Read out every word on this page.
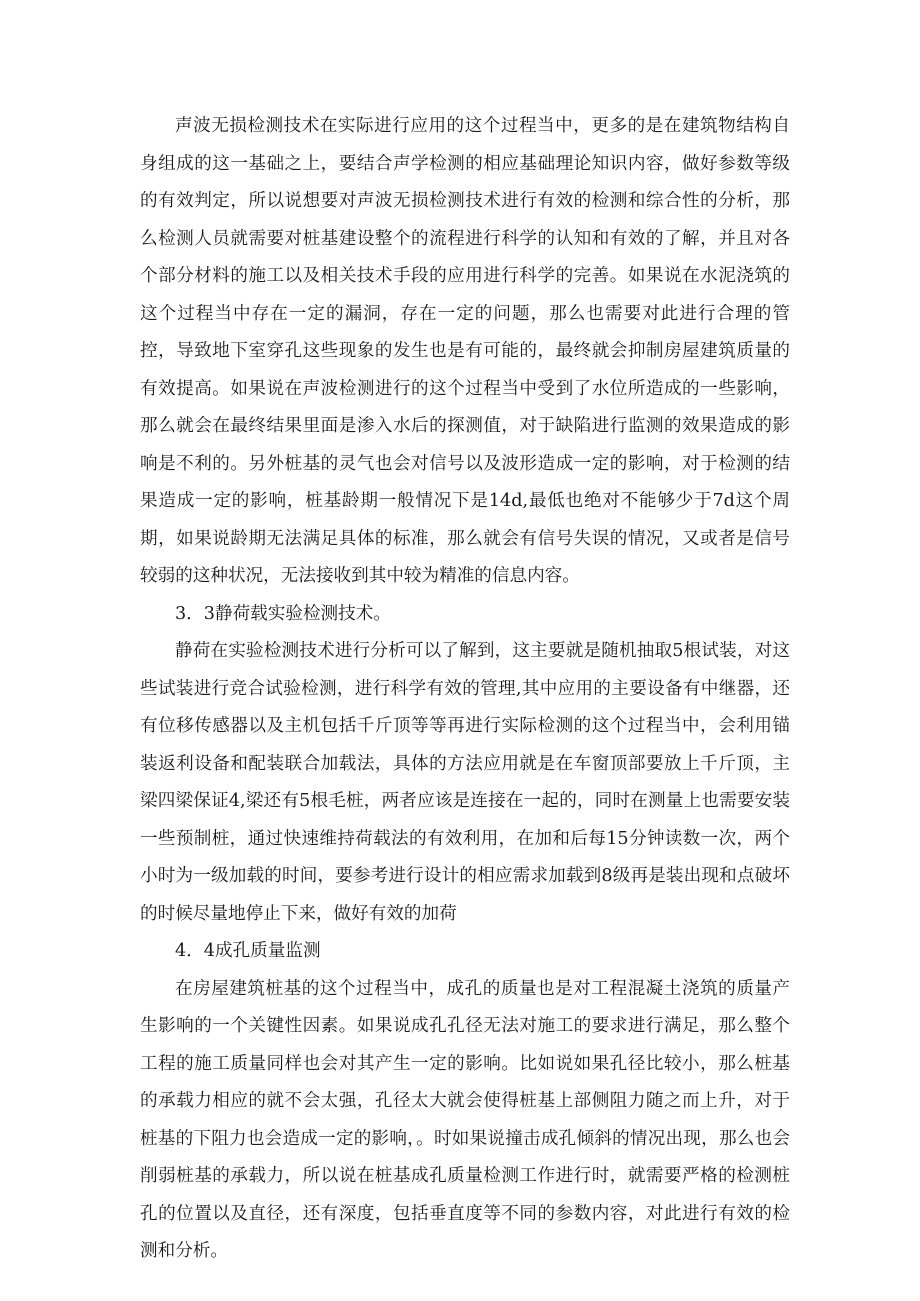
声波无损检测技术在实际进行应用的这个过程当中，更多的是在建筑物结构自身组成的这一基础之上，要结合声学检测的相应基础理论知识内容，做好参数等级的有效判定，所以说想要对声波无损检测技术进行有效的检测和综合性的分析，那么检测人员就需要对桩基建设整个的流程进行科学的认知和有效的了解，并且对各个部分材料的施工以及相关技术手段的应用进行科学的完善。如果说在水泥浇筑的这个过程当中存在一定的漏洞，存在一定的问题，那么也需要对此进行合理的管控，导致地下室穿孔这些现象的发生也是有可能的，最终就会抑制房屋建筑质量的有效提高。如果说在声波检测进行的这个过程当中受到了水位所造成的一些影响，那么就会在最终结果里面是渗入水后的探测值，对于缺陷进行监测的效果造成的影响是不利的。另外桩基的灵气也会对信号以及波形造成一定的影响，对于检测的结果造成一定的影响，桩基龄期一般情况下是14d,最低也绝对不能够少于7d这个周期，如果说龄期无法满足具体的标准，那么就会有信号失误的情况，又或者是信号较弱的这种状况，无法接收到其中较为精准的信息内容。

3．3静荷载实验检测技术。

静荷在实验检测技术进行分析可以了解到，这主要就是随机抽取5根试装，对这些试装进行竞合试验检测，进行科学有效的管理,其中应用的主要设备有中继器，还有位移传感器以及主机包括千斤顶等等再进行实际检测的这个过程当中，会利用锚装返利设备和配装联合加载法，具体的方法应用就是在车窗顶部要放上千斤顶，主梁四梁保证4,梁还有5根毛桩，两者应该是连接在一起的，同时在测量上也需要安装一些预制桩，通过快速维持荷载法的有效利用，在加和后每15分钟读数一次，两个小时为一级加载的时间，要参考进行设计的相应需求加载到8级再是装出现和点破坏的时候尽量地停止下来，做好有效的加荷

4．4成孔质量监测

在房屋建筑桩基的这个过程当中，成孔的质量也是对工程混凝土浇筑的质量产生影响的一个关键性因素。如果说成孔孔径无法对施工的要求进行满足，那么整个工程的施工质量同样也会对其产生一定的影响。比如说如果孔径比较小，那么桩基的承载力相应的就不会太强，孔径太大就会使得桩基上部侧阻力随之而上升，对于桩基的下阻力也会造成一定的影响，。时如果说撞击成孔倾斜的情况出现，那么也会削弱桩基的承载力，所以说在桩基成孔质量检测工作进行时，就需要严格的检测桩孔的位置以及直径，还有深度，包括垂直度等不同的参数内容，对此进行有效的检测和分析。
